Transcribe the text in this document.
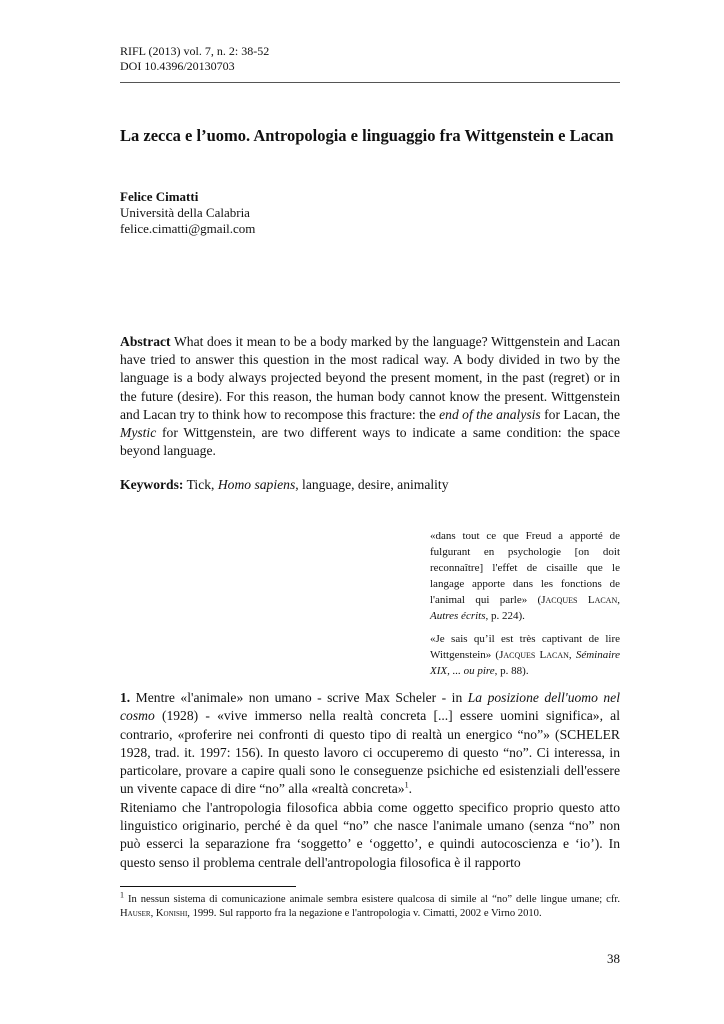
RIFL (2013) vol. 7, n. 2: 38-52
DOI 10.4396/20130703
La zecca e l’uomo. Antropologia e linguaggio fra Wittgenstein e Lacan
Felice Cimatti
Università della Calabria
felice.cimatti@gmail.com
Abstract What does it mean to be a body marked by the language? Wittgenstein and Lacan have tried to answer this question in the most radical way. A body divided in two by the language is a body always projected beyond the present moment, in the past (regret) or in the future (desire). For this reason, the human body cannot know the present. Wittgenstein and Lacan try to think how to recompose this fracture: the end of the analysis for Lacan, the Mystic for Wittgenstein, are two different ways to indicate a same condition: the space beyond language.
Keywords: Tick, Homo sapiens, language, desire, animality
«dans tout ce que Freud a apporté de fulgurant en psychologie [on doit reconnaître] l'effet de cisaille que le langage apporte dans les fonctions de l'animal qui parle» (Jacques Lacan, Autres écrits, p. 224).
«Je sais qu’il est très captivant de lire Wittgenstein» (Jacques Lacan, Séminaire XIX, ... ou pire, p. 88).

1. Mentre «l'animale» non umano - scrive Max Scheler - in La posizione dell'uomo nel cosmo (1928) - «vive immerso nella realtà concreta [...] essere uomini significa», al contrario, «proferire nei confronti di questo tipo di realtà un energico “no”» (SCHELER 1928, trad. it. 1997: 156). In questo lavoro ci occuperemo di questo “no”. Ci interessa, in particolare, provare a capire quali sono le conseguenze psichiche ed esistenziali dell'essere un vivente capace di dire “no” alla «realtà concreta»$^1$.

Riteniamo che l'antropologia filosofica abbia come oggetto specifico proprio questo atto linguistico originario, perché è da quel “no” che nasce l'animale umano (senza “no” non può esserci la separazione fra ‘soggetto’ e ‘oggetto’, e quindi autocoscienza e ‘io’). In questo senso il problema centrale dell'antropologia filosofica è il rapporto

$^1$ In nessun sistema di comunicazione animale sembra esistere qualcosa di simile al “no” delle lingue umane; cfr. Hauser, Konishi, 1999. Sul rapporto fra la negazione e l'antropologia v. Cimatti, 2002 e Virno 2010.
38
